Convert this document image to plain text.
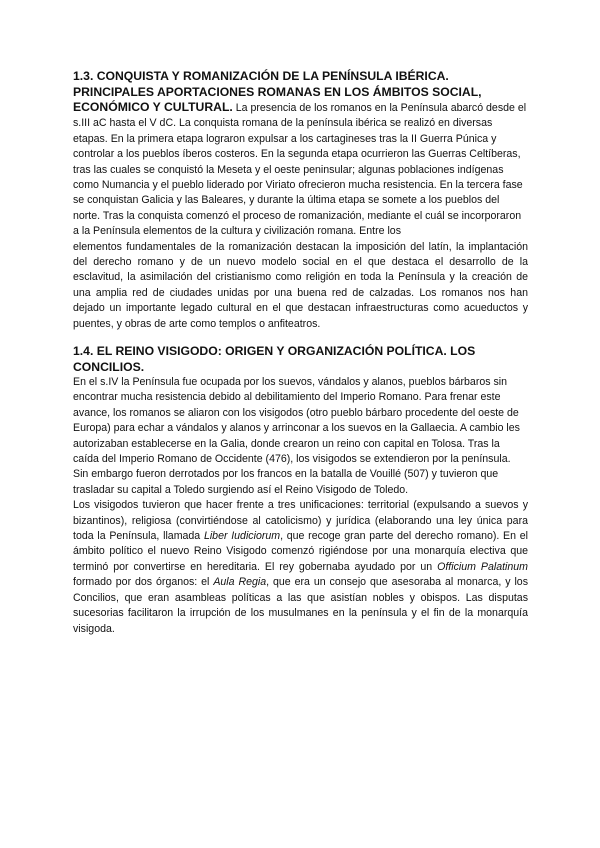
1.3. CONQUISTA Y ROMANIZACIÓN DE LA PENÍNSULA IBÉRICA.

PRINCIPALES APORTACIONES ROMANAS EN LOS ÁMBITOS SOCIAL,

ECONÓMICO Y CULTURAL. La presencia de los romanos en la Península abarcó desde el s.III aC hasta el V dC. La conquista romana de la península ibérica se realizó en diversas etapas. En la primera etapa lograron expulsar a los cartagineses tras la II Guerra Púnica y controlar a los pueblos íberos costeros. En la segunda etapa ocurrieron las Guerras Celtíberas, tras las cuales se conquistó la Meseta y el oeste peninsular; algunas poblaciones indígenas como Numancia y el pueblo liderado por Viriato ofrecieron mucha resistencia. En la tercera fase se conquistan Galicia y las Baleares, y durante la última etapa se somete a los pueblos del norte. Tras la conquista comenzó el proceso de romanización, mediante el cuál se incorporaron a la Península elementos de la cultura y civilización romana. Entre los

elementos fundamentales de la romanización destacan la imposición del latín, la implantación del derecho romano y de un nuevo modelo social en el que destaca el desarrollo de la esclavitud, la asimilación del cristianismo como religión en toda la Península y la creación de una amplia red de ciudades unidas por una buena red de calzadas. Los romanos nos han dejado un importante legado cultural en el que destacan infraestructuras como acueductos y puentes, y obras de arte como templos o anfiteatros.

1.4. EL REINO VISIGODO: ORIGEN Y ORGANIZACIÓN POLÍTICA. LOS

CONCILIOS.

En el s.IV la Península fue ocupada por los suevos, vándalos y alanos, pueblos bárbaros sin encontrar mucha resistencia debido al debilitamiento del Imperio Romano. Para frenar este avance, los romanos se aliaron con los visigodos (otro pueblo bárbaro procedente del oeste de Europa) para echar a vándalos y alanos y arrinconar a los suevos en la Gallaecia. A cambio les autorizaban establecerse en la Galia, donde crearon un reino con capital en Tolosa. Tras la caída del Imperio Romano de Occidente (476), los visigodos se extendieron por la península. Sin embargo fueron derrotados por los francos en la batalla de Vouillé (507) y tuvieron que trasladar su capital a Toledo surgiendo así el Reino Visigodo de Toledo.

Los visigodos tuvieron que hacer frente a tres unificaciones: territorial (expulsando a suevos y bizantinos), religiosa (convirtiéndose al catolicismo) y jurídica (elaborando una ley única para toda la Península, llamada Liber Iudiciorum, que recoge gran parte del derecho romano). En el ámbito político el nuevo Reino Visigodo comenzó rigiéndose por una monarquía electiva que terminó por convertirse en hereditaria. El rey gobernaba ayudado por un Officium Palatinum formado por dos órganos: el Aula Regia, que era un consejo que asesoraba al monarca, y los Concilios, que eran asambleas políticas a las que asistían nobles y obispos. Las disputas sucesorias facilitaron la irrupción de los musulmanes en la península y el fin de la monarquía visigoda.
